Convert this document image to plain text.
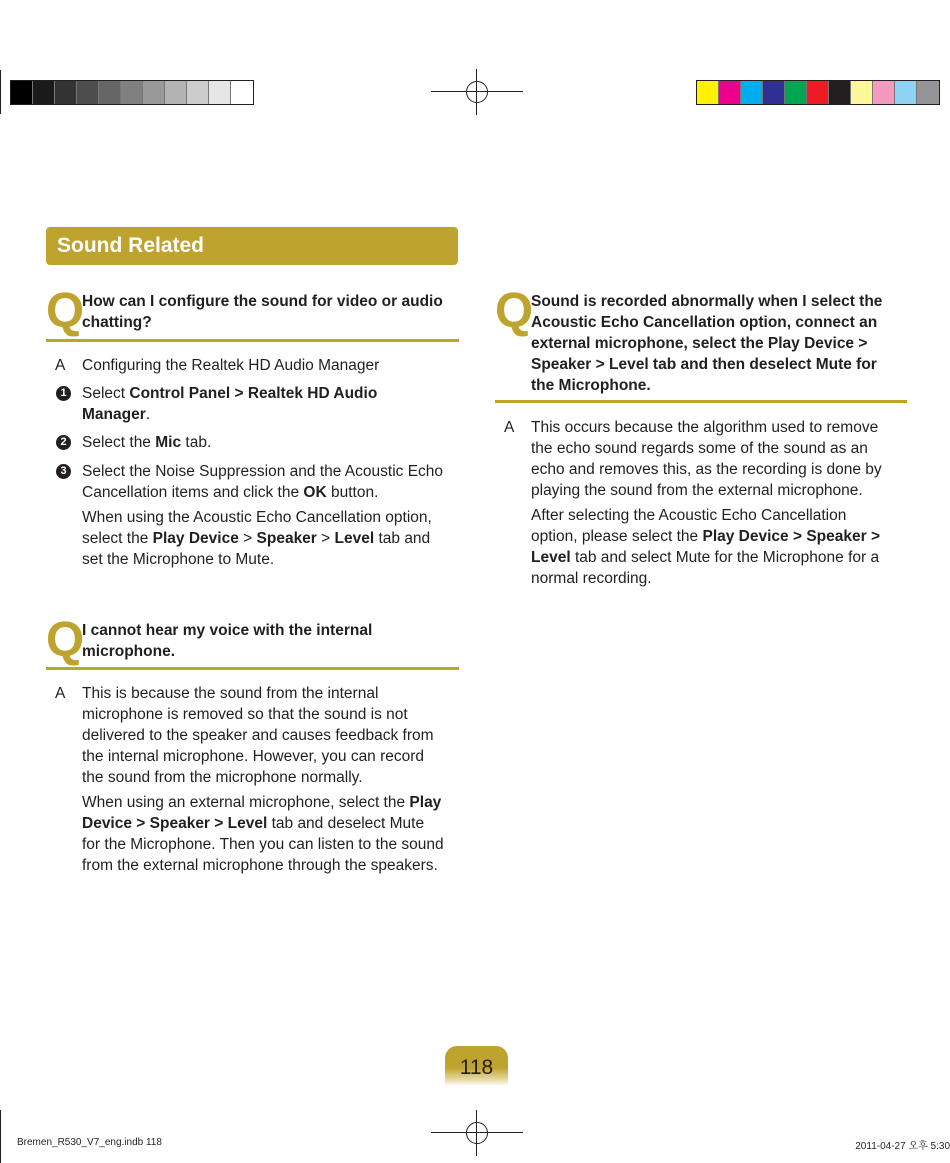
Sound Related
Q
How can I configure the sound for video or audio
chatting?
A Configuring the Realtek HD Audio Manager
1 Select Control Panel > Realtek HD Audio
Manager.
2 Select the Mic tab.
3 Select the Noise Suppression and the Acoustic Echo
Cancellation items and click the OK button.
When using the Acoustic Echo Cancellation option,
select the Play Device > Speaker > Level tab and
set the Microphone to Mute.
Q
I cannot hear my voice with the internal
microphone.
A This is because the sound from the internal
microphone is removed so that the sound is not
delivered to the speaker and causes feedback from
the internal microphone. However, you can record
the sound from the microphone normally.
When using an external microphone, select the Play
Device > Speaker > Level tab and deselect Mute
for the Microphone. Then you can listen to the sound
from the external microphone through the speakers.
Q
Sound is recorded abnormally when I select the
Acoustic Echo Cancellation option, connect an
external microphone, select the Play Device >
Speaker > Level tab and then deselect Mute for
the Microphone.
A This occurs because the algorithm used to remove
the echo sound regards some of the sound as an
echo and removes this, as the recording is done by
playing the sound from the external microphone.
After selecting the Acoustic Echo Cancellation
option, please select the Play Device > Speaker >
Level tab and select Mute for the Microphone for a
normal recording.
118
Bremen_R530_V7_eng.indb 118	2011-04-27 오후 5:30
